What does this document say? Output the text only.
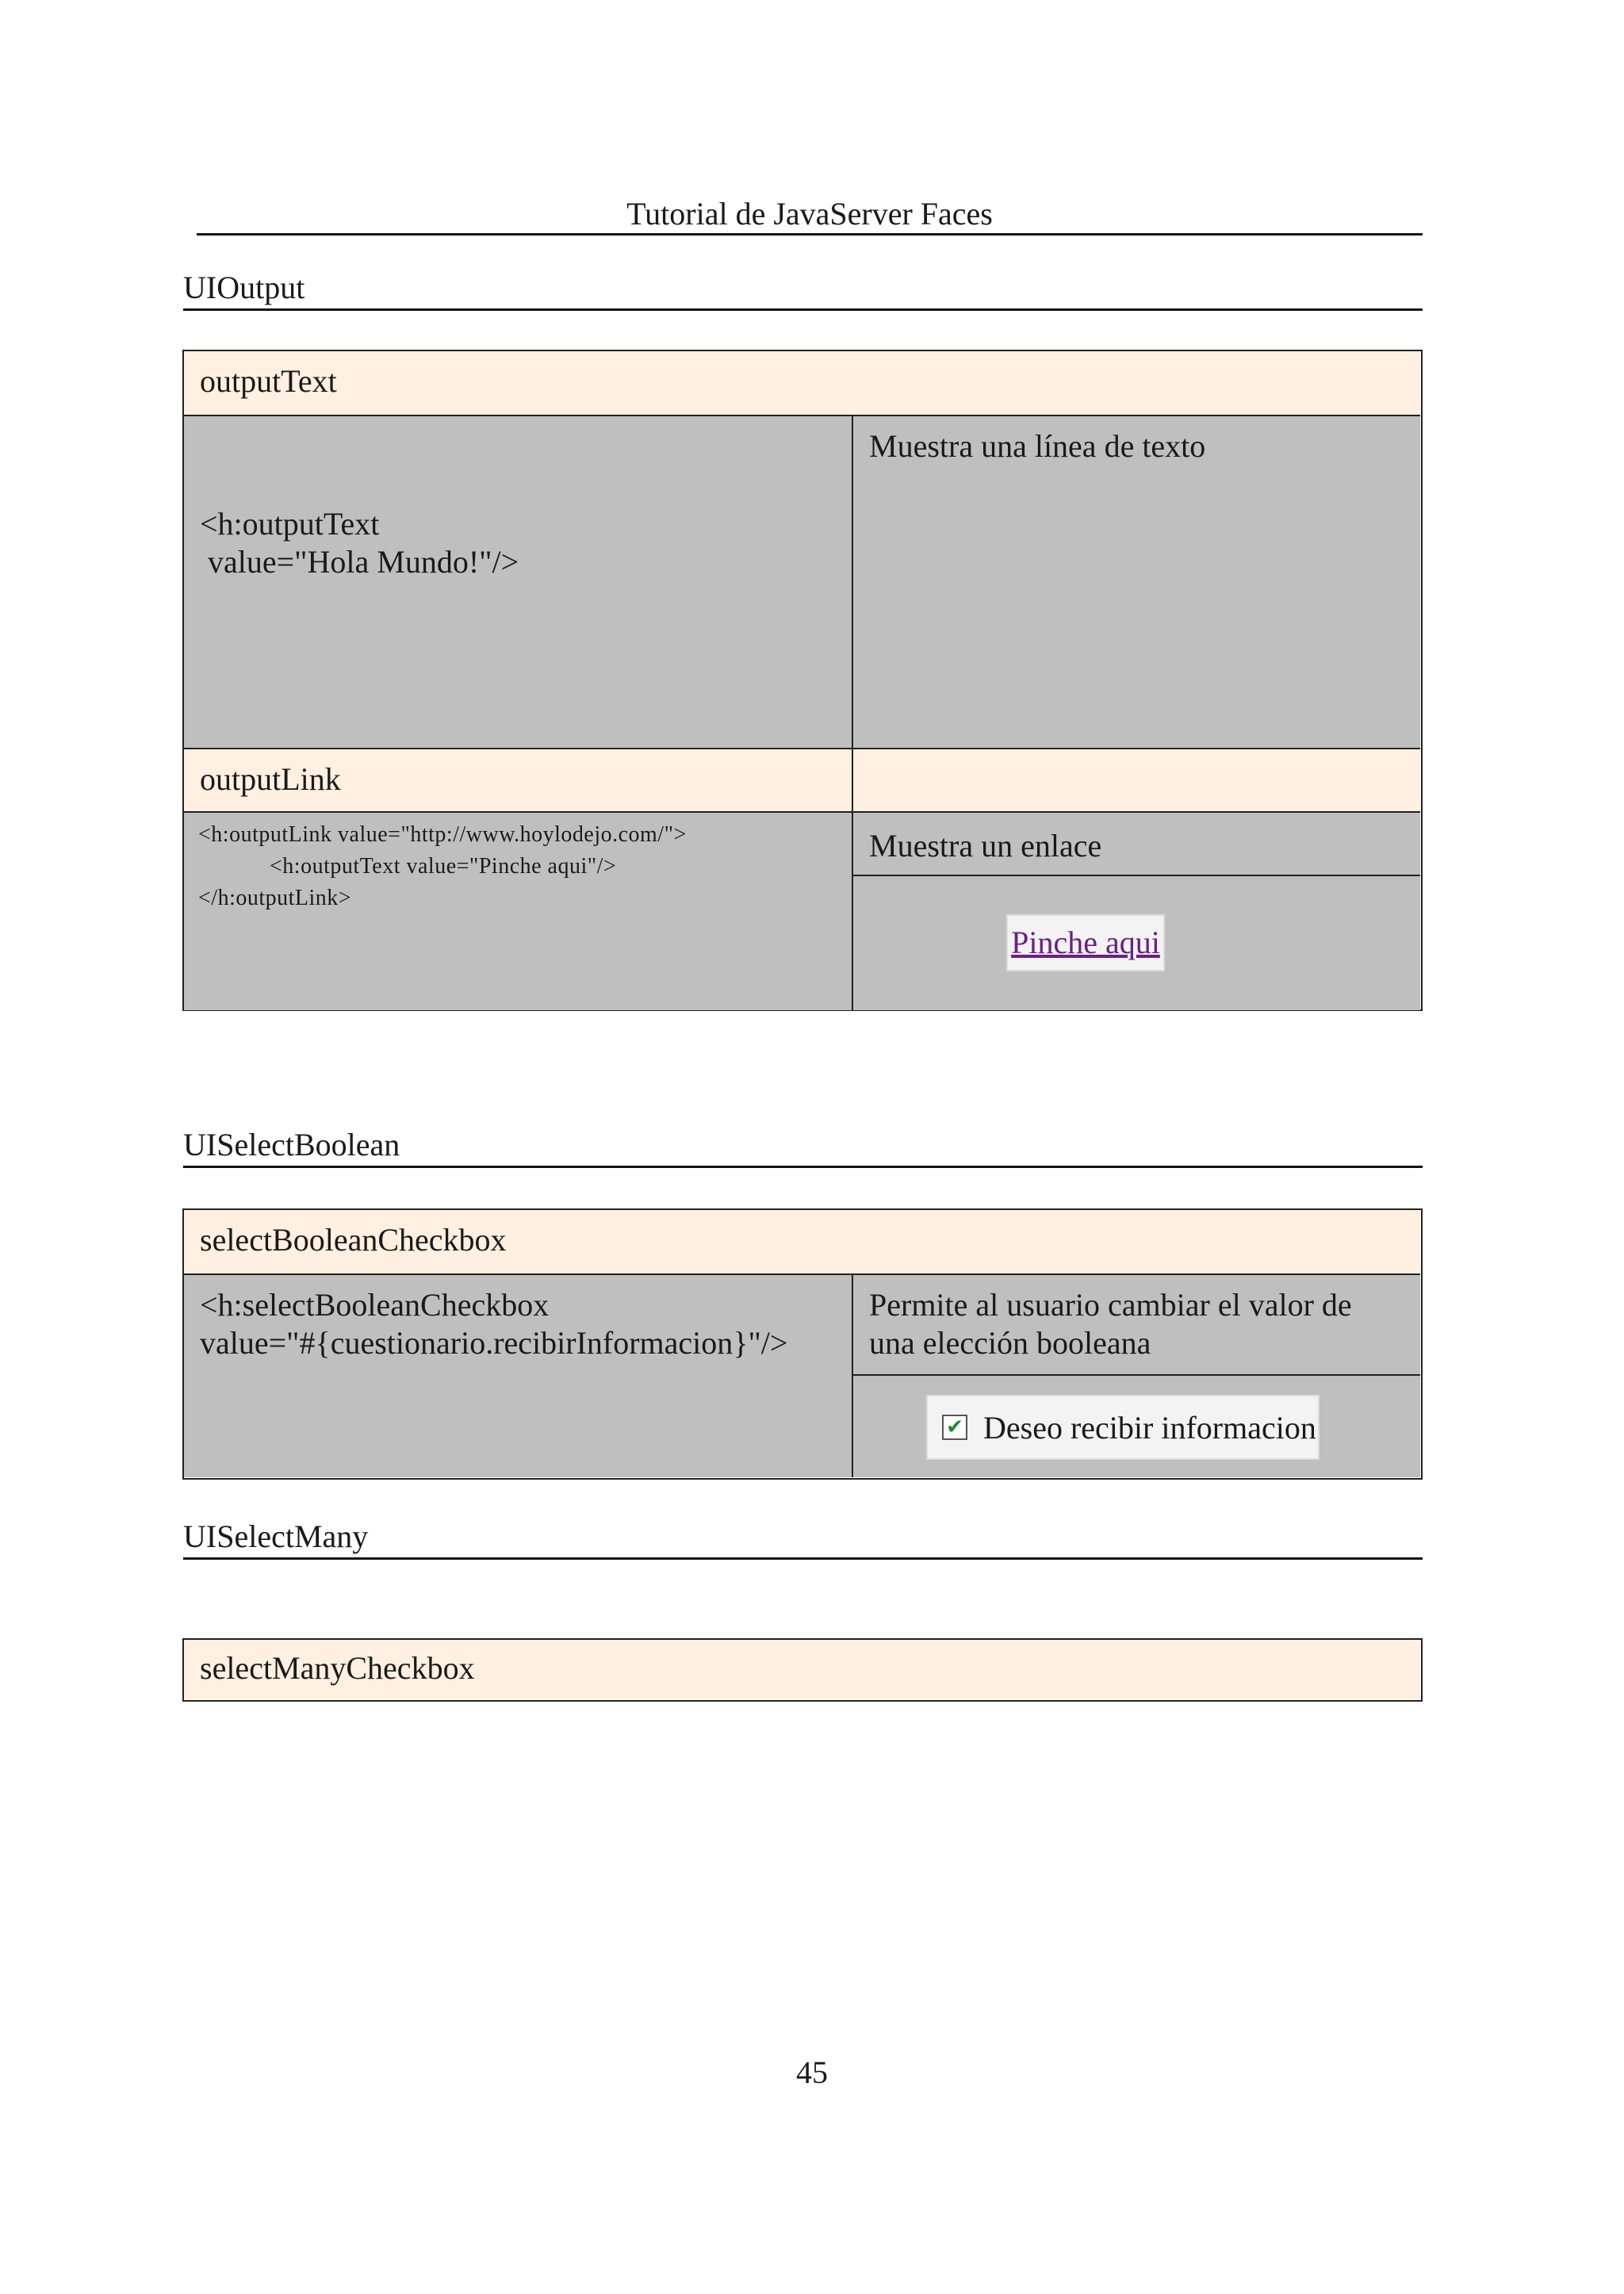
Tutorial de JavaServer Faces
UIOutput
outputText
<h:outputText
value="Hola Mundo!"/>
Muestra una línea de texto
outputLink
<h:outputLink value="http://www.hoylodejo.com/">
<h:outputText value="Pinche aqui"/>
</h:outputLink>
Muestra un enlace
Pinche aqui
UISelectBoolean
selectBooleanCheckbox
<h:selectBooleanCheckbox
value="#{cuestionario.recibirInformacion}"/>
Permite al usuario cambiar el valor de
una elección booleana
✔ Deseo recibir informacion
UISelectMany
selectManyCheckbox
45
